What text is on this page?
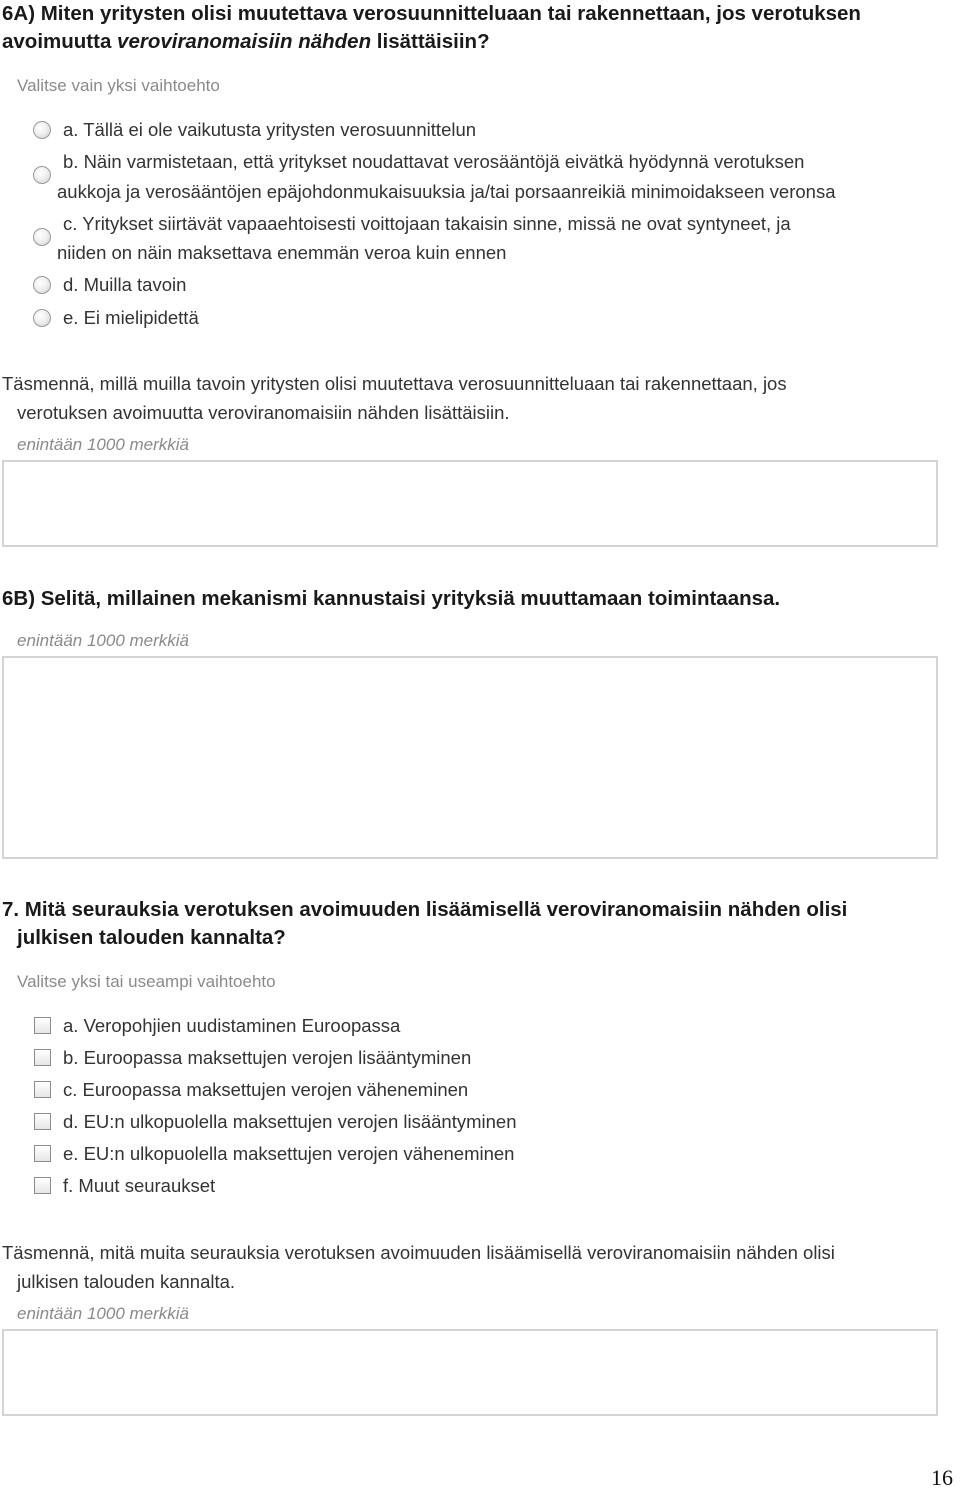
6A) Miten yritysten olisi muutettava verosuunnitteluaan tai rakennettaan, jos verotuksen
avoimuutta veroviranomaisiin nähden lisättäisiin?
Valitse vain yksi vaihtoehto
a. Tällä ei ole vaikutusta yritysten verosuunnittelun
b. Näin varmistetaan, että yritykset noudattavat verosääntöjä eivätkä hyödynnä verotuksen
aukkoja ja verosääntöjen epäjohdonmukaisuuksia ja/tai porsaanreikiä minimoidakseen veronsa
c. Yritykset siirtävät vapaaehtoisesti voittojaan takaisin sinne, missä ne ovat syntyneet, ja
niiden on näin maksettava enemmän veroa kuin ennen
d. Muilla tavoin
e. Ei mielipidettä
Täsmennä, millä muilla tavoin yritysten olisi muutettava verosuunnitteluaan tai rakennettaan, jos
verotuksen avoimuutta veroviranomaisiin nähden lisättäisiin.
enintään 1000 merkkiä
6B) Selitä, millainen mekanismi kannustaisi yrityksiä muuttamaan toimintaansa.
enintään 1000 merkkiä
7. Mitä seurauksia verotuksen avoimuuden lisäämisellä veroviranomaisiin nähden olisi
julkisen talouden kannalta?
Valitse yksi tai useampi vaihtoehto
a. Veropohjien uudistaminen Euroopassa
b. Euroopassa maksettujen verojen lisääntyminen
c. Euroopassa maksettujen verojen väheneminen
d. EU:n ulkopuolella maksettujen verojen lisääntyminen
e. EU:n ulkopuolella maksettujen verojen väheneminen
f. Muut seuraukset
Täsmennä, mitä muita seurauksia verotuksen avoimuuden lisäämisellä veroviranomaisiin nähden olisi
julkisen talouden kannalta.
enintään 1000 merkkiä
16
